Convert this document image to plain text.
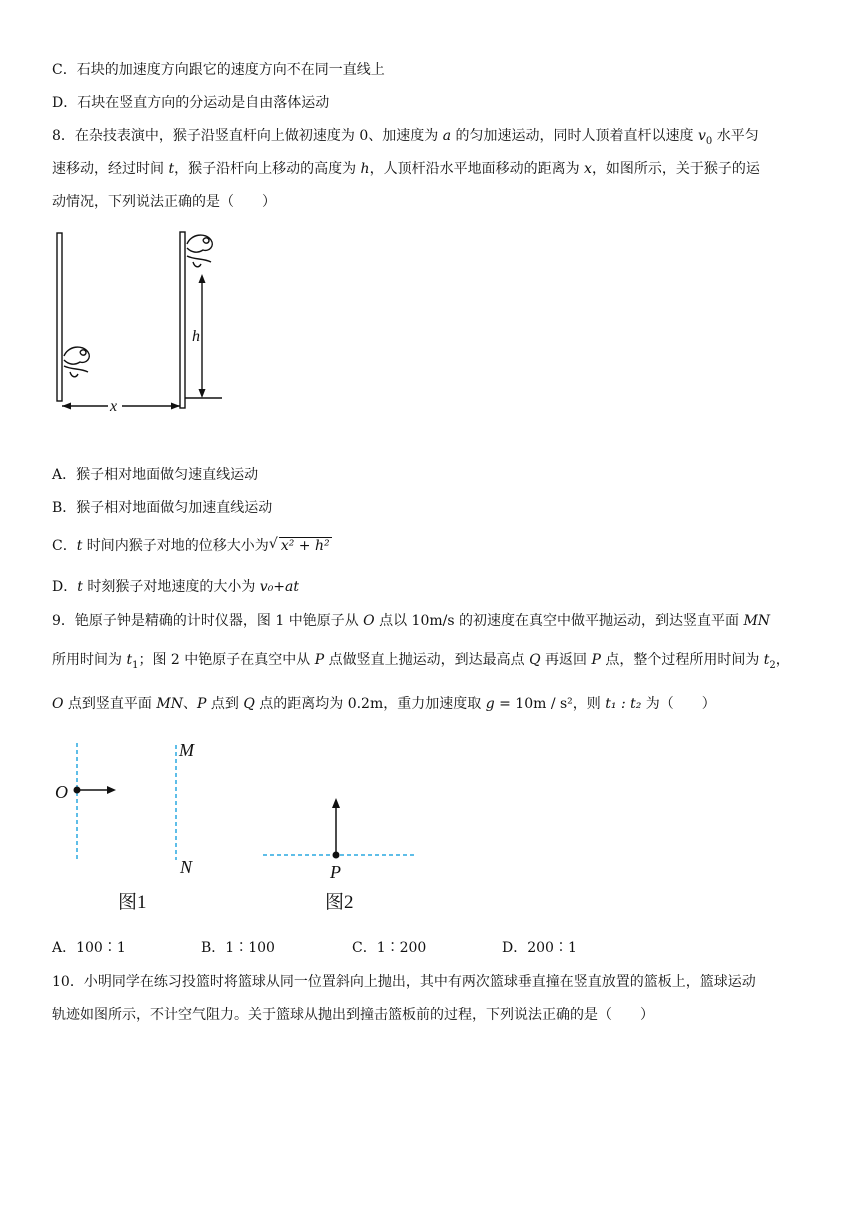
C．石块的加速度方向跟它的速度方向不在同一直线上
D．石块在竖直方向的分运动是自由落体运动
8．在杂技表演中，猴子沿竖直杆向上做初速度为 0、加速度为 a 的匀加速运动，同时人顶着直杆以速度 $v_0$ 水平匀
速移动，经过时间 t，猴子沿杆向上移动的高度为 h，人顶杆沿水平地面移动的距离为 x，如图所示，关于猴子的运
动情况，下列说法正确的是（　　）
h
x
A．猴子相对地面做匀速直线运动
B．猴子相对地面做匀加速直线运动
C．t 时间内猴子对地的位移大小为 √ x² + h²
D．t 时刻猴子对地速度的大小为 v₀+at
9．铯原子钟是精确的计时仪器，图 1 中铯原子从 O 点以 10m/s 的初速度在真空中做平抛运动，到达竖直平面 MN
所用时间为 $t_1$；图 2 中铯原子在真空中从 P 点做竖直上抛运动，到达最高点 Q 再返回 P 点，整个过程所用时间为 $t_2$，
O 点到竖直平面 MN、P 点到 Q 点的距离均为 0.2m，重力加速度取 g = 10m / s²，则 t₁ : t₂ 为（　　）
O
M
N
图1
P
图2
A．100∶1	B．1∶100	C．1∶200	D．200∶1
10．小明同学在练习投篮时将篮球从同一位置斜向上抛出，其中有两次篮球垂直撞在竖直放置的篮板上，篮球运动
轨迹如图所示，不计空气阻力。关于篮球从抛出到撞击篮板前的过程，下列说法正确的是（　　）
